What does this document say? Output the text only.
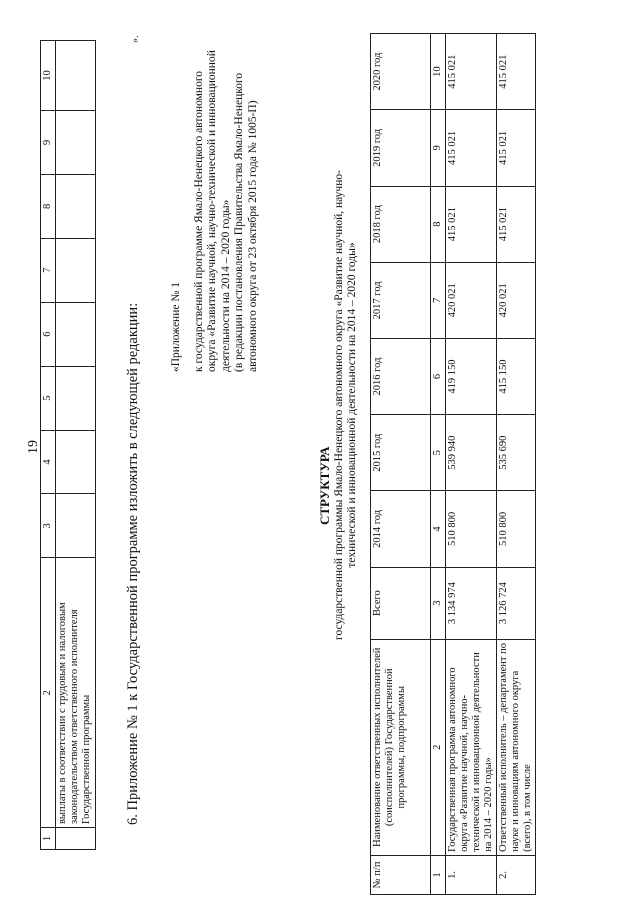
19
1	2	3	4	5	6	7	8	9	10
	выплаты в соответствии с трудовым и налоговым законодательством ответственного исполнителя Государственной программы								
».
6. Приложение № 1 к Государственной программе изложить в следующей редакции:	«Приложение № 1 к государственной программе Ямало-Ненецкого автономного округа «Развитие научной, научно-технической и инновационной деятельности на 2014 – 2020 годы» (в редакции постановления Правительства Ямало-Ненецкого автономного округа от 23 октября 2015 года № 1005-П)
СТРУКТУРА государственной программы Ямало-Ненецкого автономного округа «Развитие научной, научно-технической и инновационной деятельности на 2014 – 2020 годы»
№ п/п	Наименование ответственных исполнителей (соисполнителей) Государственной программы, подпрограммы	Всего	2014 год	2015 год	2016 год	2017 год	2018 год	2019 год	2020 год
1	2	3	4	5	6	7	8	9	10
1.	Государственная программа автономного округа «Развитие научной, научно-технической и инновационной деятельности на 2014 – 2020 годы»	3 134 974	510 800	539 940	419 150	420 021	415 021	415 021	415 021
2.	Ответственный исполнитель – департамент по науке и инновациям автономного округа (всего), в том числе	3 126 724	510 800	535 690	415 150	420 021	415 021	415 021	415 021
